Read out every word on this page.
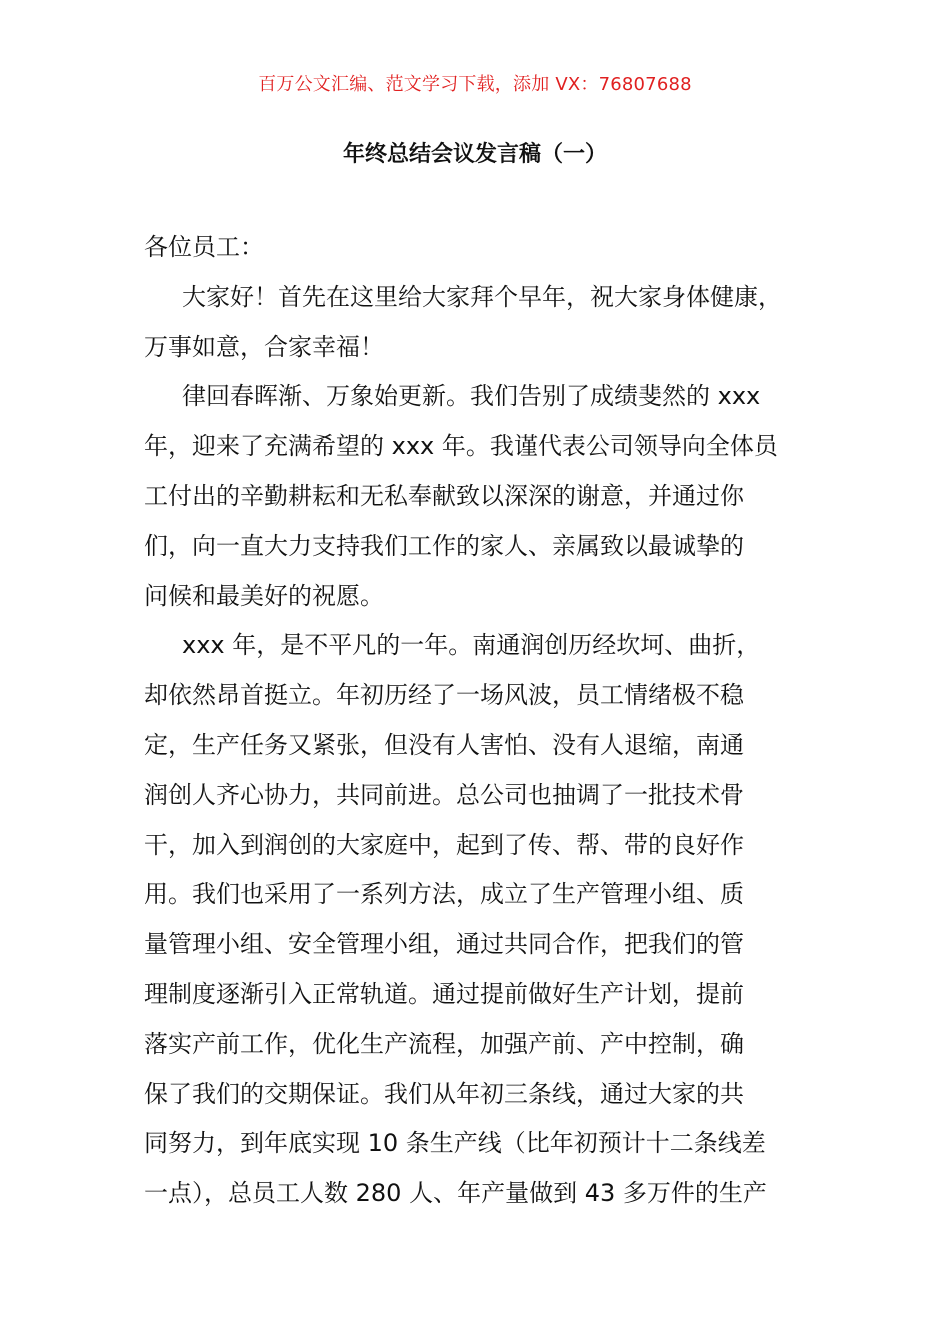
百万公文汇编、范文学习下载，添加 VX：76807688
年终总结会议发言稿（一）
各位员工：
大家好！首先在这里给大家拜个早年，祝大家身体健康，
万事如意，合家幸福！
律回春晖渐、万象始更新。我们告别了成绩斐然的 xxx
年，迎来了充满希望的 xxx 年。我谨代表公司领导向全体员
工付出的辛勤耕耘和无私奉献致以深深的谢意，并通过你
们，向一直大力支持我们工作的家人、亲属致以最诚挚的
问候和最美好的祝愿。
xxx 年，是不平凡的一年。南通润创历经坎坷、曲折，
却依然昂首挺立。年初历经了一场风波，员工情绪极不稳
定，生产任务又紧张，但没有人害怕、没有人退缩，南通
润创人齐心协力，共同前进。总公司也抽调了一批技术骨
干，加入到润创的大家庭中，起到了传、帮、带的良好作
用。我们也采用了一系列方法，成立了生产管理小组、质
量管理小组、安全管理小组，通过共同合作，把我们的管
理制度逐渐引入正常轨道。通过提前做好生产计划，提前
落实产前工作，优化生产流程，加强产前、产中控制，确
保了我们的交期保证。我们从年初三条线，通过大家的共
同努力，到年底实现 10 条生产线（比年初预计十二条线差
一点），总员工人数 280 人、年产量做到 43 多万件的生产
